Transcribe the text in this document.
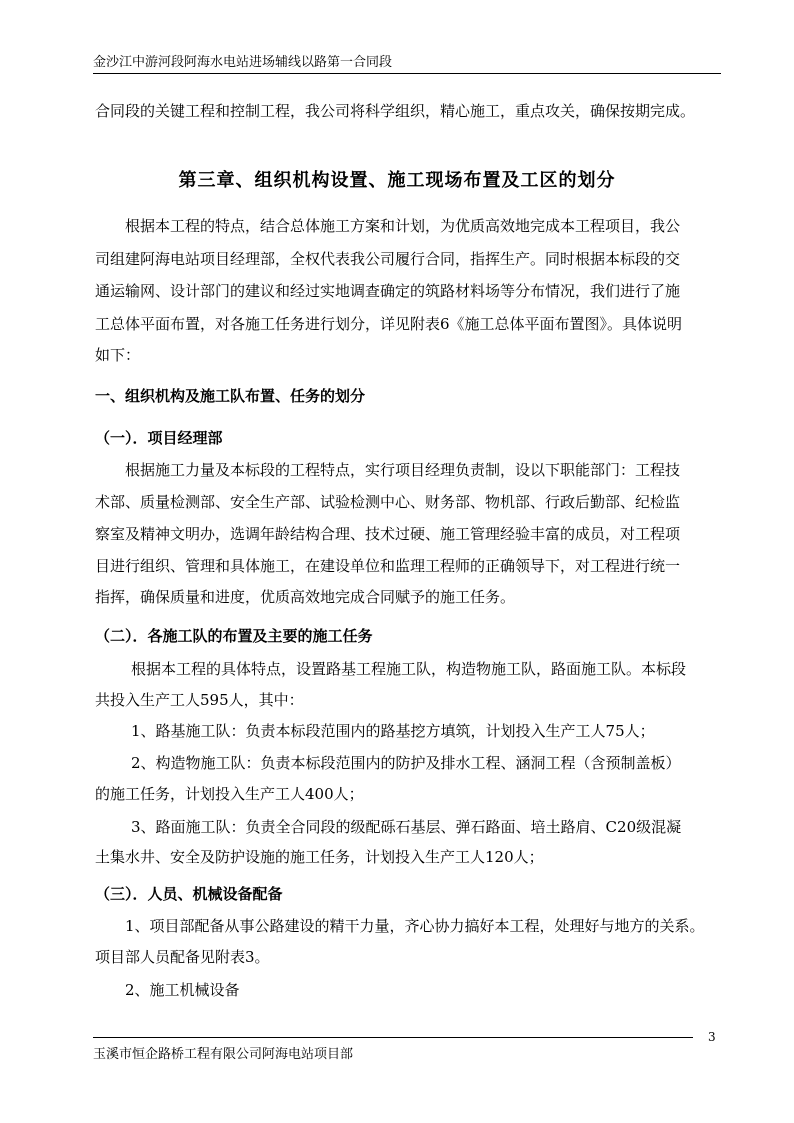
金沙江中游河段阿海水电站进场辅线以路第一合同段
合同段的关键工程和控制工程，我公司将科学组织，精心施工，重点攻关，确保按期完成。
第三章、组织机构设置、施工现场布置及工区的划分
根据本工程的特点，结合总体施工方案和计划，为优质高效地完成本工程项目，我公
司组建阿海电站项目经理部，全权代表我公司履行合同，指挥生产。同时根据本标段的交
通运输网、设计部门的建议和经过实地调查确定的筑路材料场等分布情况，我们进行了施
工总体平面布置，对各施工任务进行划分，详见附表6《施工总体平面布置图》。具体说明
如下：
一、组织机构及施工队布置、任务的划分
（一）．项目经理部
根据施工力量及本标段的工程特点，实行项目经理负责制，设以下职能部门：工程技
术部、质量检测部、安全生产部、试验检测中心、财务部、物机部、行政后勤部、纪检监
察室及精神文明办，选调年龄结构合理、技术过硬、施工管理经验丰富的成员，对工程项
目进行组织、管理和具体施工，在建设单位和监理工程师的正确领导下，对工程进行统一
指挥，确保质量和进度，优质高效地完成合同赋予的施工任务。
（二）．各施工队的布置及主要的施工任务
根据本工程的具体特点，设置路基工程施工队，构造物施工队，路面施工队。本标段
共投入生产工人595人，其中：
1、路基施工队：负责本标段范围内的路基挖方填筑，计划投入生产工人75人；
2、构造物施工队：负责本标段范围内的防护及排水工程、涵洞工程（含预制盖板）
的施工任务，计划投入生产工人400人；
3、路面施工队：负责全合同段的级配砾石基层、弹石路面、培土路肩、C20级混凝
土集水井、安全及防护设施的施工任务，计划投入生产工人120人；
（三）．人员、机械设备配备
1、项目部配备从事公路建设的精干力量，齐心协力搞好本工程，处理好与地方的关系。
项目部人员配备见附表3。
2、施工机械设备
3
玉溪市恒企路桥工程有限公司阿海电站项目部
